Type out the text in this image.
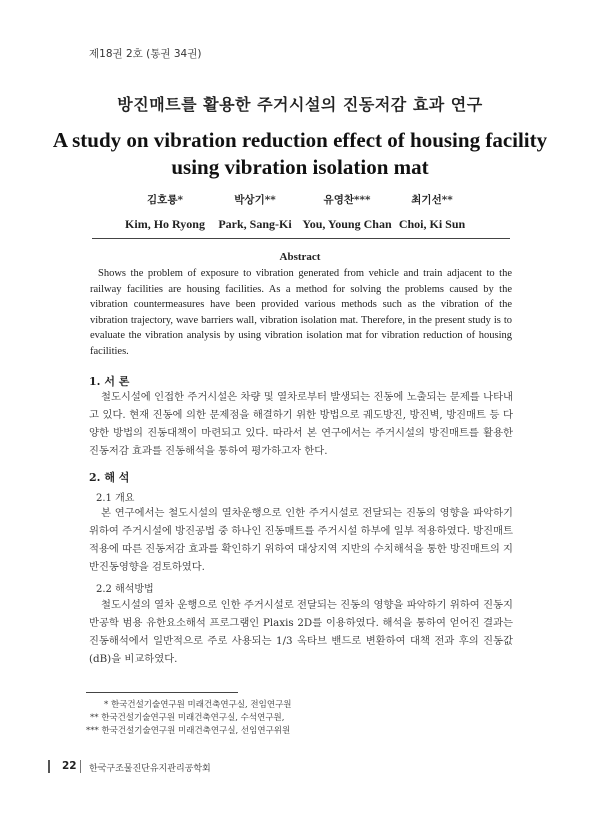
제18권 2호 (통권 34권)
방진매트를 활용한 주거시설의 진동저감 효과 연구
A study on vibration reduction effect of housing facility
using vibration isolation mat
김호룡*
Kim, Ho Ryong
박상기**
Park, Sang-Ki
유영찬***
You, Young Chan
최기선**
Choi, Ki Sun
Abstract
Shows the problem of exposure to vibration generated from vehicle and train adjacent to the railway facilities are housing facilities. As a method for solving the problems caused by the vibration countermeasures have been provided various methods such as the vibration of the vibration trajectory, wave barriers wall, vibration isolation mat. Therefore, in the present study is to evaluate the vibration analysis by using vibration isolation mat for vibration reduction of housing facilities.
1. 서 론
철도시설에 인접한 주거시설은 차량 및 열차로부터 발생되는 진동에 노출되는 문제를 나타내고 있다. 현재 진동에 의한 문제점을 해결하기 위한 방법으로 궤도방진, 방진벽, 방진매트 등 다양한 방법의 진동대책이 마련되고 있다. 따라서 본 연구에서는 주거시설의 방진매트를 활용한 진동저감 효과를 진동해석을 통하여 평가하고자 한다.
2. 해 석
2.1 개요
본 연구에서는 철도시설의 열차운행으로 인한 주거시설로 전달되는 진동의 영향을 파악하기 위하여 주거시설에 방진공법 중 하나인 진동매트를 주거시설 하부에 일부 적용하였다. 방진매트 적용에 따른 진동저감 효과를 확인하기 위하여 대상지역 지반의 수치해석을 통한 방진매트의 지반진동영향을 검토하였다.
2.2 해석방법
철도시설의 열차 운행으로 인한 주거시설로 전달되는 진동의 영향을 파악하기 위하여 진동지반공학 범용 유한요소해석 프로그램인 Plaxis 2D를 이용하였다. 해석을 통하여 얻어진 결과는 진동해석에서 일반적으로 주로 사용되는 1/3 옥타브 밴드로 변환하여 대책 전과 후의 진동값(dB)을 비교하였다.
* 한국건설기술연구원 미래건축연구실, 전임연구원
** 한국건설기술연구원 미래건축연구실, 수석연구원,
*** 한국건설기술연구원 미래건축연구실, 선임연구위원
22 한국구조물진단유지관리공학회
